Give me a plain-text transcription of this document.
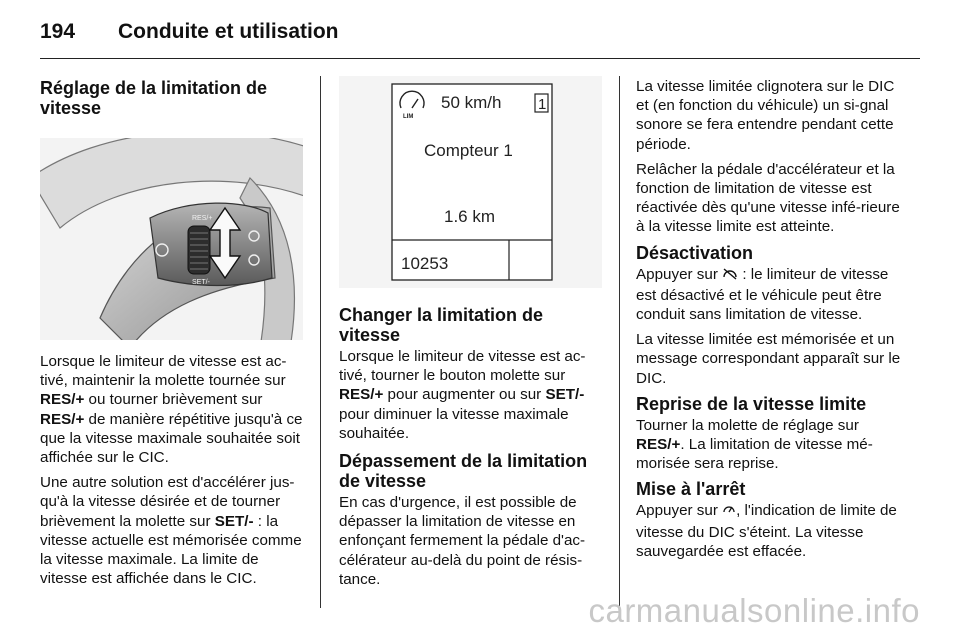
194 Conduite et utilisation
Réglage de la limitation de vitesse
RES/+
SET/-

Lorsque le limiteur de vitesse est ac-tivé, maintenir la molette tournée sur RES/+ ou tourner brièvement sur RES/+ de manière répétitive jusqu'à ce que la vitesse maximale souhaitée soit affichée sur le CIC.

Une autre solution est d'accélérer jus-qu'à la vitesse désirée et de tourner brièvement la molette sur SET/- : la vitesse actuelle est mémorisée comme la vitesse maximale. La limite de vitesse est affichée dans le CIC.

LIM
50 km/h 1
Compteur 1
1.6 km
10253
Changer la limitation de vitesse

Lorsque le limiteur de vitesse est ac-tivé, tourner le bouton molette sur RES/+ pour augmenter ou sur SET/- pour diminuer la vitesse maximale souhaitée.

Dépassement de la limitation de vitesse

En cas d'urgence, il est possible de dépasser la limitation de vitesse en enfonçant fermement la pédale d'ac-célérateur au-delà du point de résis-tance.

La vitesse limitée clignotera sur le DIC et (en fonction du véhicule) un si-gnal sonore se fera entendre pendant cette période.

Relâcher la pédale d'accélérateur et la fonction de limitation de vitesse est réactivée dès qu'une vitesse infé-rieure à la vitesse limite est atteinte.

Désactivation

Appuyer sur  : le limiteur de vitesse est désactivé et le véhicule peut être conduit sans limitation de vitesse.

La vitesse limitée est mémorisée et un message correspondant apparaît sur le DIC.

Reprise de la vitesse limite

Tourner la molette de réglage sur RES/+. La limitation de vitesse mé-morisée sera reprise.

Mise à l'arrêt

Appuyer sur , l'indication de limite de vitesse du DIC s'éteint. La vitesse sauvegardée est effacée.

carmanualsonline.info
